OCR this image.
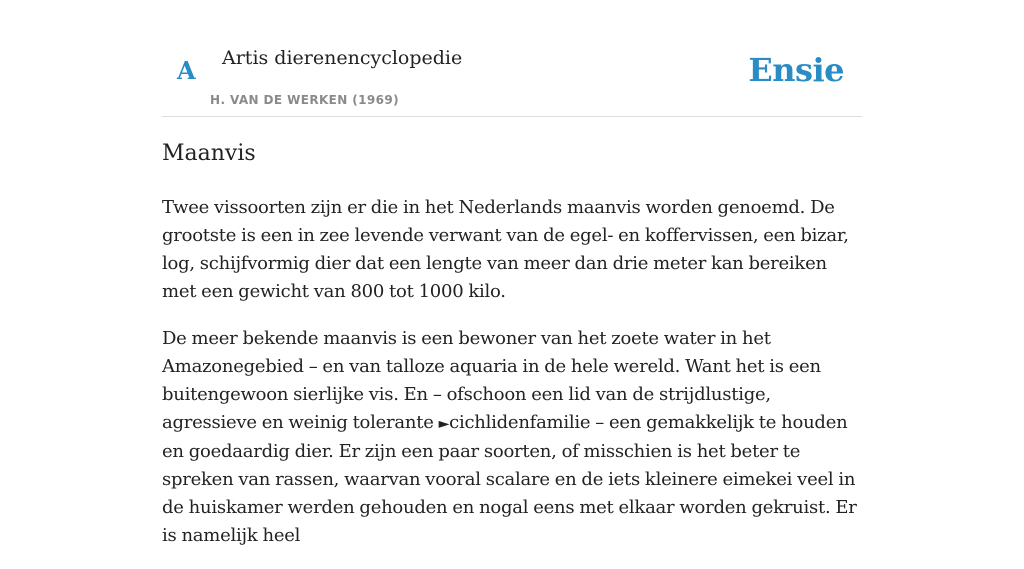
A Artis dierenencyclopedie
H. VAN DE WERKEN (1969)
Ensie
Maanvis

Twee vissoorten zijn er die in het Nederlands maanvis worden genoemd. De grootste is een in zee levende verwant van de egel- en koffervissen, een bizar, log, schijfvormig dier dat een lengte van meer dan drie meter kan bereiken met een gewicht van 800 tot 1000 kilo.

De meer bekende maanvis is een bewoner van het zoete water in het Amazonegebied – en van talloze aquaria in de hele wereld. Want het is een buitengewoon sierlijke vis. En – ofschoon een lid van de strijdlustige, agressieve en weinig tolerante ►cichlidenfamilie – een gemakkelijk te houden en goedaardig dier. Er zijn een paar soorten, of misschien is het beter te spreken van rassen, waarvan vooral scalare en de iets kleinere eimekei veel in de huiskamer werden gehouden en nogal eens met elkaar worden gekruist. Er is namelijk heel
